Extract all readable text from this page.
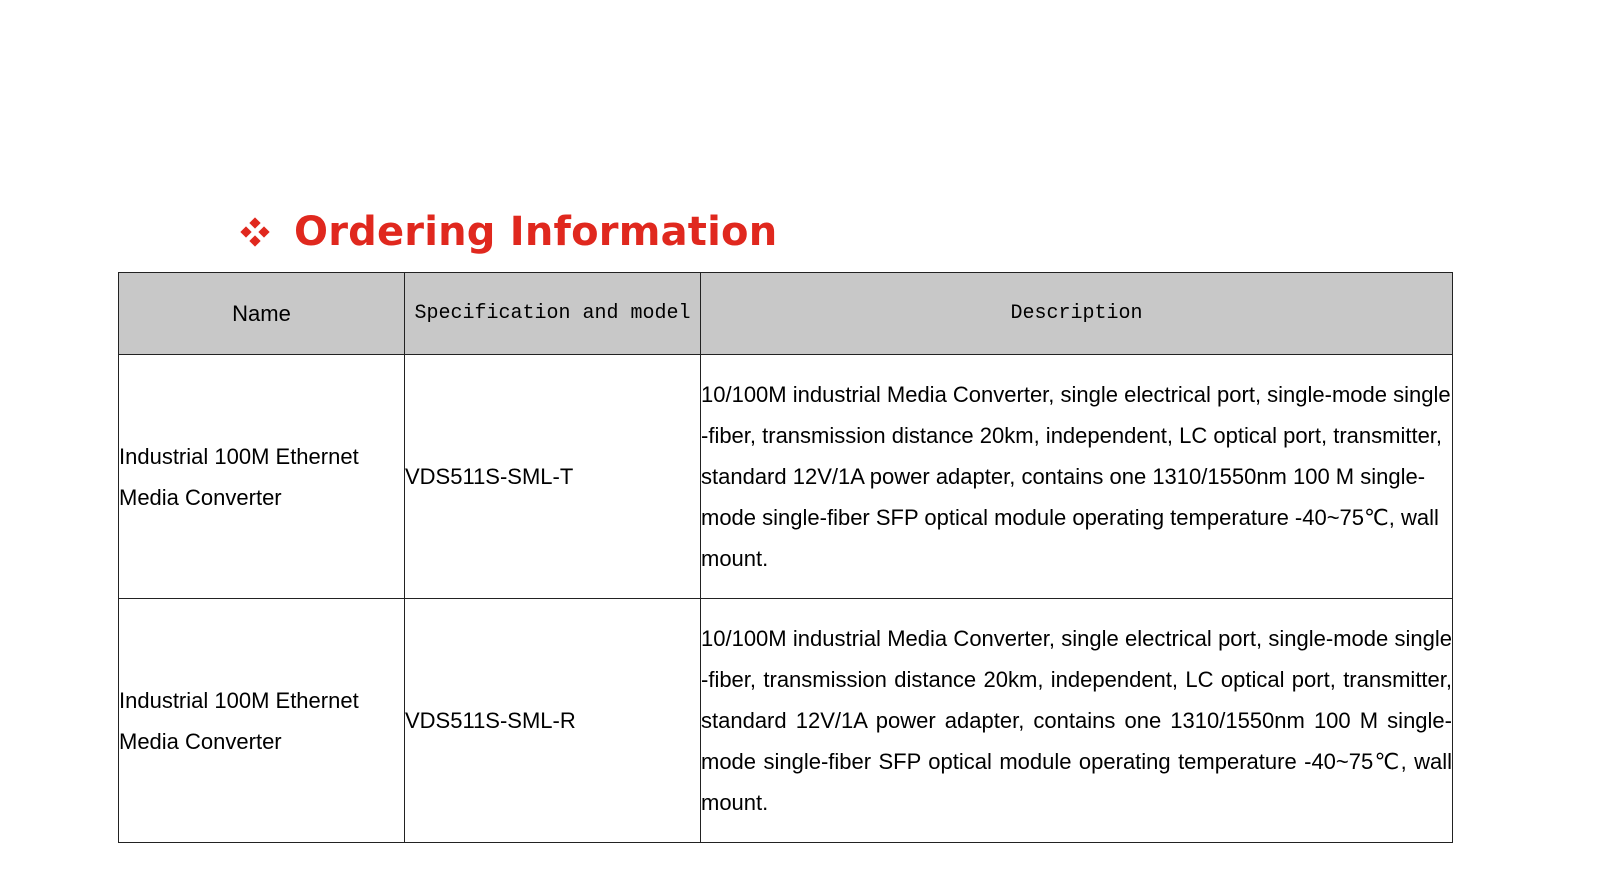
Ordering Information
Name	Specification and model	Description
Industrial 100M Ethernet Media Converter	VDS511S-SML-T	10/100M industrial Media Converter, single electrical port, single-mode single -fiber, transmission distance 20km, independent, LC optical port, transmitter, standard 12V/1A power adapter, contains one 1310/1550nm 100 M single-mode single-fiber SFP optical module operating temperature -40~75℃, wall mount.
Industrial 100M Ethernet Media Converter	VDS511S-SML-R	10/100M industrial Media Converter, single electrical port, single-mode single -fiber, transmission distance 20km, independent, LC optical port, transmitter, standard 12V/1A power adapter, contains one 1310/1550nm 100 M single-mode single-fiber SFP optical module operating temperature -40~75℃, wall mount.
